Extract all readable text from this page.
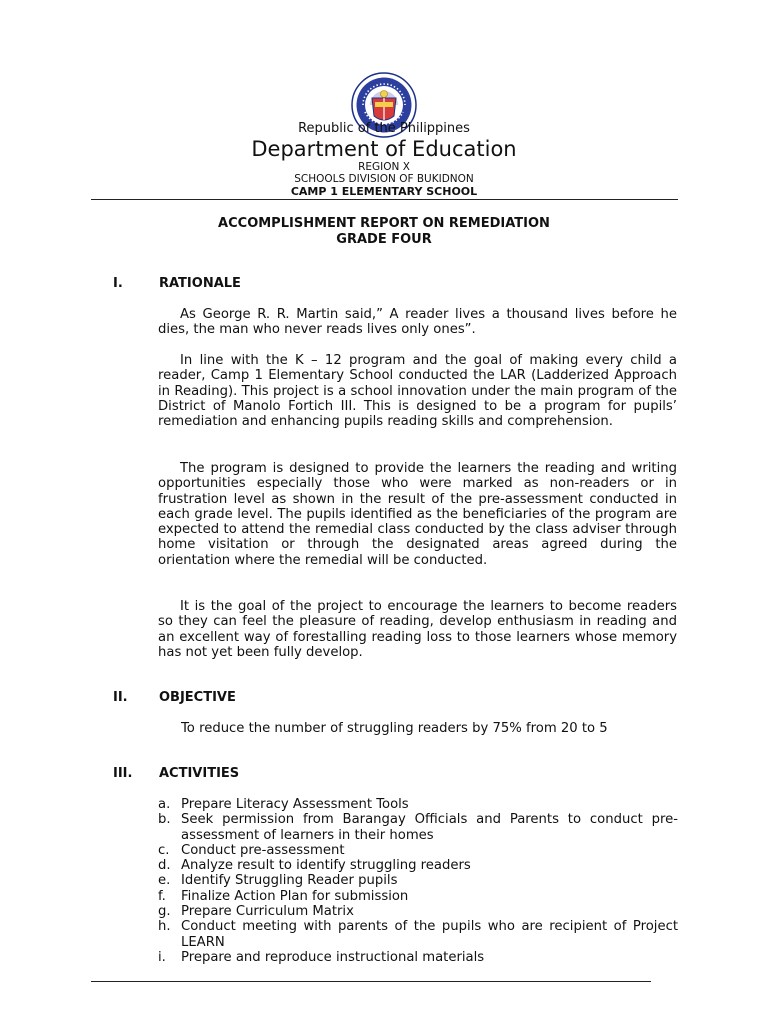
Republic of the Philippines
Department of Education
REGION X
SCHOOLS DIVISION OF BUKIDNON
CAMP 1 ELEMENTARY SCHOOL
ACCOMPLISHMENT REPORT ON REMEDIATION
GRADE FOUR
I.	RATIONALE

As George R. R. Martin said,” A reader lives a thousand lives before he dies, the man who never reads lives only ones”.

In line with the K – 12 program and the goal of making every child a reader, Camp 1 Elementary School conducted the LAR (Ladderized Approach in Reading). This project is a school innovation under the main program of the District of Manolo Fortich III. This is designed to be a program for pupils’ remediation and enhancing pupils reading skills and comprehension.

The program is designed to provide the learners the reading and writing opportunities especially those who were marked as non-readers or in frustration level as shown in the result of the pre-assessment conducted in each grade level. The pupils identified as the beneficiaries of the program are expected to attend the remedial class conducted by the class adviser through home visitation or through the designated areas agreed during the orientation where the remedial will be conducted.

It is the goal of the project to encourage the learners to become readers so they can feel the pleasure of reading, develop enthusiasm in reading and an excellent way of forestalling reading loss to those learners whose memory has not yet been fully develop.

II. OBJECTIVE
To reduce the number of struggling readers by 75% from 20 to 5
III. ACTIVITIES
a. Prepare Literacy Assessment Tools
b. Seek permission from Barangay Officials and Parents to conduct pre-assessment of learners in their homes
c. Conduct pre-assessment
d. Analyze result to identify struggling readers
e. Identify Struggling Reader pupils
f.	Finalize Action Plan for submission
g. Prepare Curriculum Matrix
h. Conduct meeting with parents of the pupils who are recipient of Project LEARN
i.	Prepare and reproduce instructional materials
